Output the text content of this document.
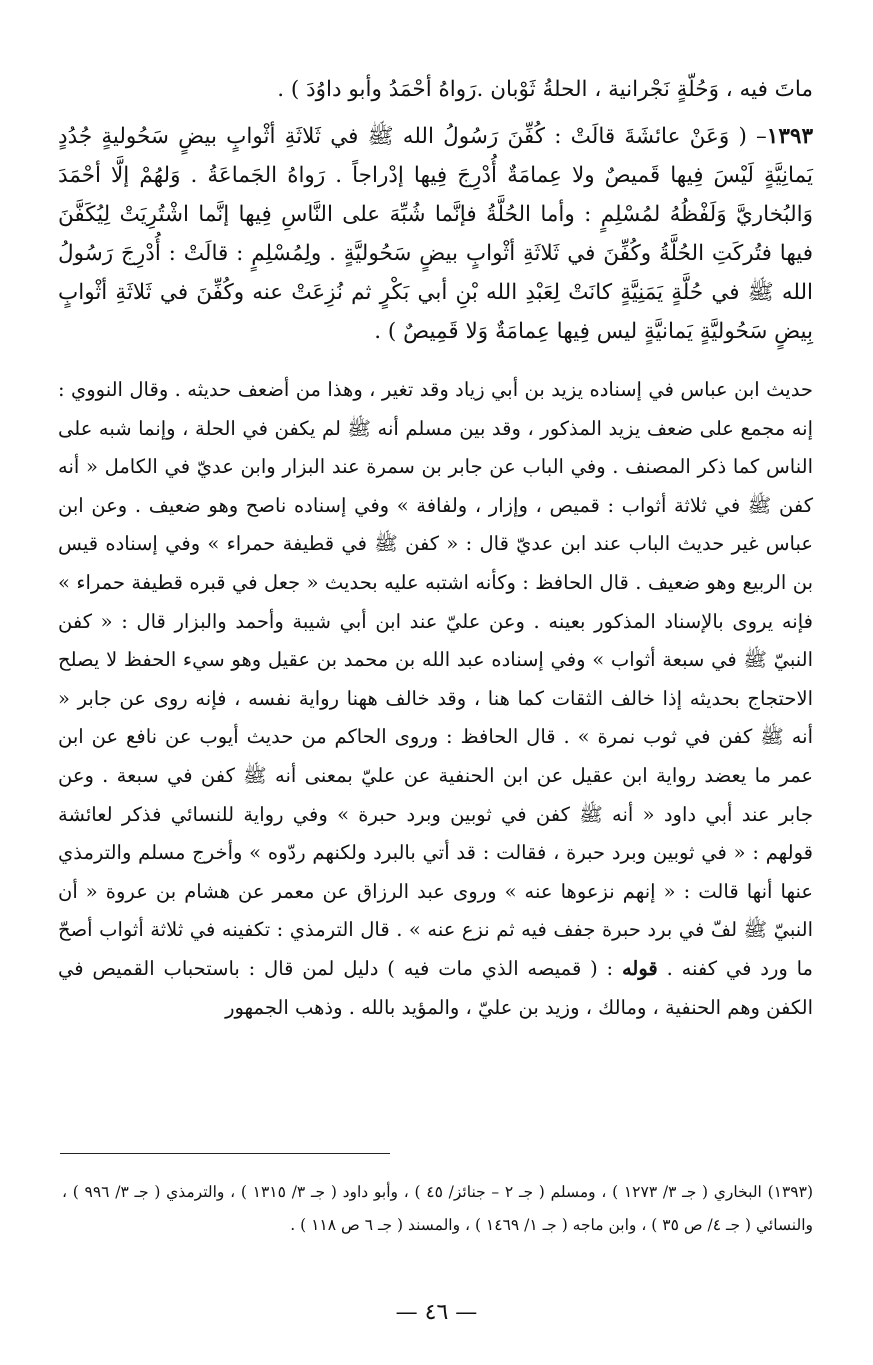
ماتَ فيه ، وَحُلّةٍ نَجْرانية ، الحلةُ ثَوْبان .رَواهُ أحْمَدُ وأبو داوُدَ ) .

١٣٩٣– ( وَعَنْ عائشَةَ قالَتْ : كُفِّنَ رَسُولُ الله ﷺ في ثَلاثَةِ أثْوابٍ بيضٍ سَحُوليةٍ جُدُدٍ يَمانِيَّةٍ لَيْسَ فِيها قَميصٌ ولا عِمامَةٌ أُدْرِجَ فِيها إدْراجاً . رَواهُ الجَماعَةُ . وَلهُمْ إلَّا أحْمَدَ وَالبُخاريَّ وَلَفْظُهُ لمُسْلِمٍ : وأما الحُلَّةُ فإنَّما شُبِّهَ على النَّاسِ فِيها إنَّما اشْتُرِيَتْ لِيُكَفَّنَ فيها فتُركَتِ الحُلَّةُ وكُفِّنَ في ثَلاثَةِ أثْوابٍ بيضٍ سَحُوليَّةٍ . ولِمُسْلِمٍ : قالَتْ : أُدْرِجَ رَسُولُ الله ﷺ في حُلَّةٍ يَمَنِيَّةٍ كانَتْ لِعَبْدِ الله بْنِ أبي بَكْرٍ ثم نُزِعَتْ عنه وكُفِّنَ في ثَلاثَةِ أثْوابٍ بِيضٍ سَحُوليَّةٍ يَمانيَّةٍ ليس فِيها عِمامَةٌ وَلا قَمِيصٌ ) .

حديث ابن عباس في إسناده يزيد بن أبي زياد وقد تغير ، وهذا من أضعف حديثه . وقال النووي : إنه مجمع على ضعف يزيد المذكور ، وقد بين مسلم أنه ﷺ لم يكفن في الحلة ، وإنما شبه على الناس كما ذكر المصنف . وفي الباب عن جابر بن سمرة عند البزار وابن عديّ في الكامل « أنه كفن ﷺ في ثلاثة أثواب : قميص ، وإزار ، ولفافة » وفي إسناده ناصح وهو ضعيف . وعن ابن عباس غير حديث الباب عند ابن عديّ قال : « كفن ﷺ في قطيفة حمراء » وفي إسناده قيس بن الربيع وهو ضعيف . قال الحافظ : وكأنه اشتبه عليه بحديث « جعل في قبره قطيفة حمراء » فإنه يروى بالإسناد المذكور بعينه . وعن عليّ عند ابن أبي شيبة وأحمد والبزار قال : « كفن النبيّ ﷺ في سبعة أثواب » وفي إسناده عبد الله بن محمد بن عقيل وهو سيء الحفظ لا يصلح الاحتجاج بحديثه إذا خالف الثقات كما هنا ، وقد خالف ههنا رواية نفسه ، فإنه روى عن جابر « أنه ﷺ كفن في ثوب نمرة » . قال الحافظ : وروى الحاكم من حديث أيوب عن نافع عن ابن عمر ما يعضد رواية ابن عقيل عن ابن الحنفية عن عليّ بمعنى أنه ﷺ كفن في سبعة . وعن جابر عند أبي داود « أنه ﷺ كفن في ثوبين وبرد حبرة » وفي رواية للنسائي فذكر لعائشة قولهم : « في ثوبين وبرد حبرة ، فقالت : قد أتي بالبرد ولكنهم ردّوه » وأخرج مسلم والترمذي عنها أنها قالت : « إنهم نزعوها عنه » وروى عبد الرزاق عن معمر عن هشام بن عروة « أن النبيّ ﷺ لفّ في برد حبرة جفف فيه ثم نزع عنه » . قال الترمذي : تكفينه في ثلاثة أثواب أصحّ ما ورد في كفنه . قوله : ( قميصه الذي مات فيه ) دليل لمن قال : باستحباب القميص في الكفن وهم الحنفية ، ومالك ، وزيد بن عليّ ، والمؤيد بالله . وذهب الجمهور

(١٣٩٣) البخاري ( جـ ٣/ ١٢٧٣ ) ، ومسلم ( جـ ٢ – جنائز/ ٤٥ ) ، وأبو داود ( جـ ٣/ ١٣١٥ ) ، والترمذي ( جـ ٣/ ٩٩٦ ) ، والنسائي ( جـ ٤/ ص ٣٥ ) ، وابن ماجه ( جـ ١/ ١٤٦٩ ) ، والمسند ( جـ ٦ ص ١١٨ ) .

— ٤٦ —
